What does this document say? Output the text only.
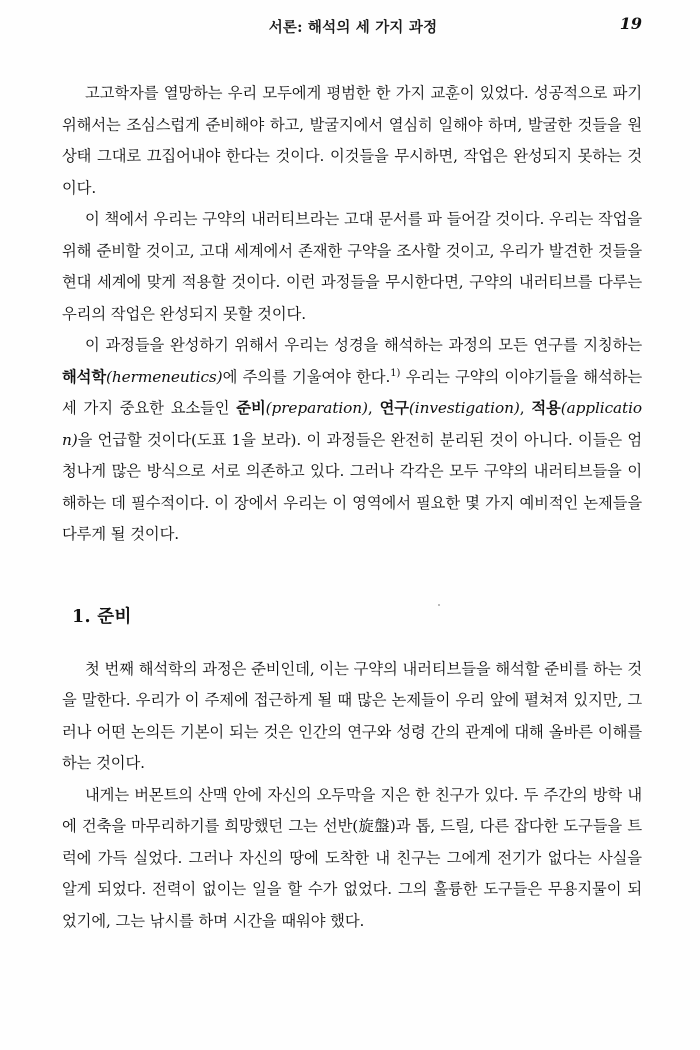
서론: 해석의 세 가지 과정	19

고고학자를 열망하는 우리 모두에게 평범한 한 가지 교훈이 있었다. 성공적으로 파기 위해서는 조심스럽게 준비해야 하고, 발굴지에서 열심히 일해야 하며, 발굴한 것들을 원상태 그대로 끄집어내야 한다는 것이다. 이것들을 무시하면, 작업은 완성되지 못하는 것이다.

이 책에서 우리는 구약의 내러티브라는 고대 문서를 파 들어갈 것이다. 우리는 작업을 위해 준비할 것이고, 고대 세계에서 존재한 구약을 조사할 것이고, 우리가 발견한 것들을 현대 세계에 맞게 적용할 것이다. 이런 과정들을 무시한다면, 구약의 내러티브를 다루는 우리의 작업은 완성되지 못할 것이다.

이 과정들을 완성하기 위해서 우리는 성경을 해석하는 과정의 모든 연구를 지칭하는 해석학(hermeneutics)에 주의를 기울여야 한다.$^{1)}$ 우리는 구약의 이야기들을 해석하는 세 가지 중요한 요소들인 준비(preparation), 연구(investigation), 적용(application)을 언급할 것이다(도표 1을 보라). 이 과정들은 완전히 분리된 것이 아니다. 이들은 엄청나게 많은 방식으로 서로 의존하고 있다. 그러나 각각은 모두 구약의 내러티브들을 이해하는 데 필수적이다. 이 장에서 우리는 이 영역에서 필요한 몇 가지 예비적인 논제들을 다루게 될 것이다.

1. 준비

첫 번째 해석학의 과정은 준비인데, 이는 구약의 내러티브들을 해석할 준비를 하는 것을 말한다. 우리가 이 주제에 접근하게 될 때 많은 논제들이 우리 앞에 펼쳐져 있지만, 그러나 어떤 논의든 기본이 되는 것은 인간의 연구와 성령 간의 관계에 대해 올바른 이해를 하는 것이다.

내게는 버몬트의 산맥 안에 자신의 오두막을 지은 한 친구가 있다. 두 주간의 방학 내에 건축을 마무리하기를 희망했던 그는 선반(旋盤)과 톱, 드릴, 다른 잡다한 도구들을 트럭에 가득 실었다. 그러나 자신의 땅에 도착한 내 친구는 그에게 전기가 없다는 사실을 알게 되었다. 전력이 없이는 일을 할 수가 없었다. 그의 훌륭한 도구들은 무용지물이 되었기에, 그는 낚시를 하며 시간을 때워야 했다.
